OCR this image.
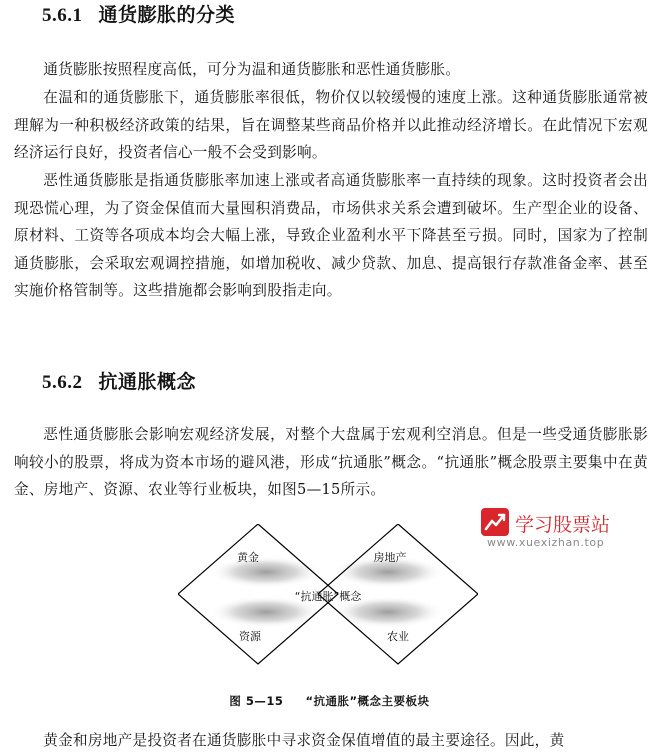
5.6.1 通货膨胀的分类

通货膨胀按照程度高低，可分为温和通货膨胀和恶性通货膨胀。

在温和的通货膨胀下，通货膨胀率很低，物价仅以较缓慢的速度上涨。这种通货膨胀通常被理解为一种积极经济政策的结果，旨在调整某些商品价格并以此推动经济增长。在此情况下宏观经济运行良好，投资者信心一般不会受到影响。

恶性通货膨胀是指通货膨胀率加速上涨或者高通货膨胀率一直持续的现象。这时投资者会出现恐慌心理，为了资金保值而大量囤积消费品，市场供求关系会遭到破坏。生产型企业的设备、原材料、工资等各项成本均会大幅上涨，导致企业盈利水平下降甚至亏损。同时，国家为了控制通货膨胀，会采取宏观调控措施，如增加税收、减少贷款、加息、提高银行存款准备金率、甚至实施价格管制等。这些措施都会影响到股指走向。

5.6.2 抗通胀概念

恶性通货膨胀会影响宏观经济发展，对整个大盘属于宏观利空消息。但是一些受通货膨胀影响较小的股票，将成为资本市场的避风港，形成“抗通胀”概念。“抗通胀”概念股票主要集中在黄金、房地产、资源、农业等行业板块，如图5—15所示。

黄金	房地产
“抗通胀”概念
资源	农业

图 5—15 “抗通胀”概念主要板块

学习股票站
www.xuexizhan.top

黄金和房地产是投资者在通货膨胀中寻求资金保值增值的最主要途径。因此，黄
